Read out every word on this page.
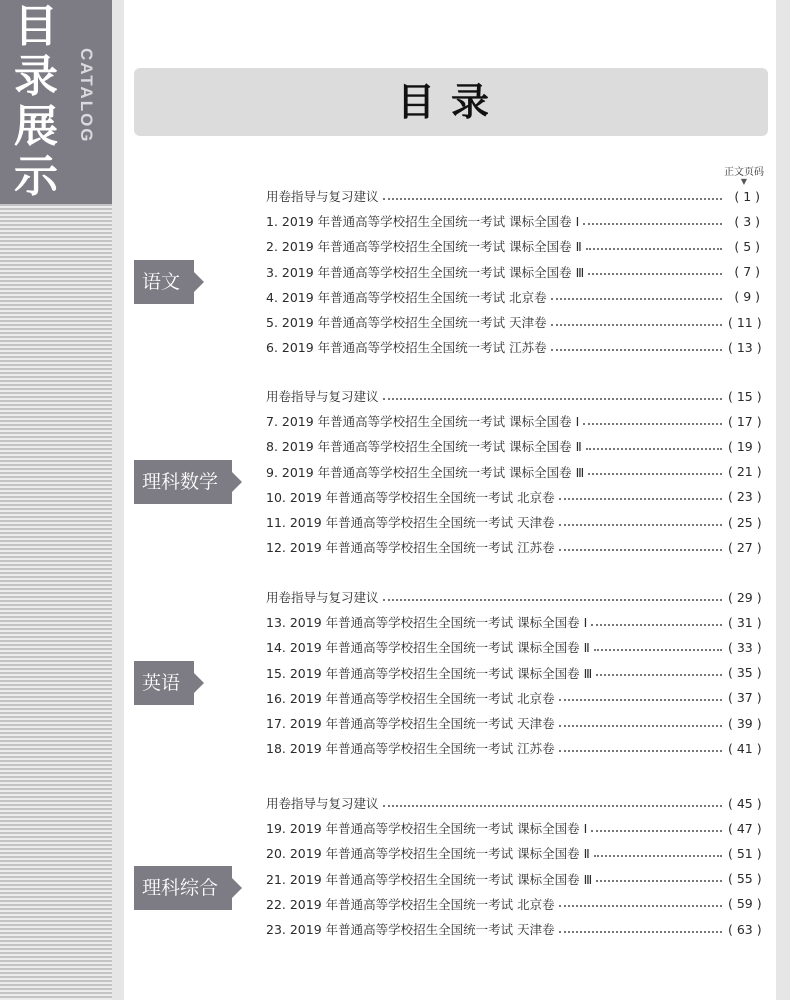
目
录
展
示
CATALOG	目录
正文页码
▼
语文
用卷指导与复习建议	( 1 )
1. 2019 年普通高等学校招生全国统一考试 课标全国卷 Ⅰ	( 3 )
2. 2019 年普通高等学校招生全国统一考试 课标全国卷 Ⅱ	( 5 )
3. 2019 年普通高等学校招生全国统一考试 课标全国卷 Ⅲ	( 7 )
4. 2019 年普通高等学校招生全国统一考试 北京卷	( 9 )
5. 2019 年普通高等学校招生全国统一考试 天津卷	( 11 )
6. 2019 年普通高等学校招生全国统一考试 江苏卷	( 13 )
理科数学
用卷指导与复习建议	( 15 )
7. 2019 年普通高等学校招生全国统一考试 课标全国卷 Ⅰ	( 17 )
8. 2019 年普通高等学校招生全国统一考试 课标全国卷 Ⅱ	( 19 )
9. 2019 年普通高等学校招生全国统一考试 课标全国卷 Ⅲ	( 21 )
10. 2019 年普通高等学校招生全国统一考试 北京卷	( 23 )
11. 2019 年普通高等学校招生全国统一考试 天津卷	( 25 )
12. 2019 年普通高等学校招生全国统一考试 江苏卷	( 27 )
英语
用卷指导与复习建议	( 29 )
13. 2019 年普通高等学校招生全国统一考试 课标全国卷 Ⅰ	( 31 )
14. 2019 年普通高等学校招生全国统一考试 课标全国卷 Ⅱ	( 33 )
15. 2019 年普通高等学校招生全国统一考试 课标全国卷 Ⅲ	( 35 )
16. 2019 年普通高等学校招生全国统一考试 北京卷	( 37 )
17. 2019 年普通高等学校招生全国统一考试 天津卷	( 39 )
18. 2019 年普通高等学校招生全国统一考试 江苏卷	( 41 )
理科综合
用卷指导与复习建议	( 45 )
19. 2019 年普通高等学校招生全国统一考试 课标全国卷 Ⅰ	( 47 )
20. 2019 年普通高等学校招生全国统一考试 课标全国卷 Ⅱ	( 51 )
21. 2019 年普通高等学校招生全国统一考试 课标全国卷 Ⅲ	( 55 )
22. 2019 年普通高等学校招生全国统一考试 北京卷	( 59 )
23. 2019 年普通高等学校招生全国统一考试 天津卷	( 63 )
